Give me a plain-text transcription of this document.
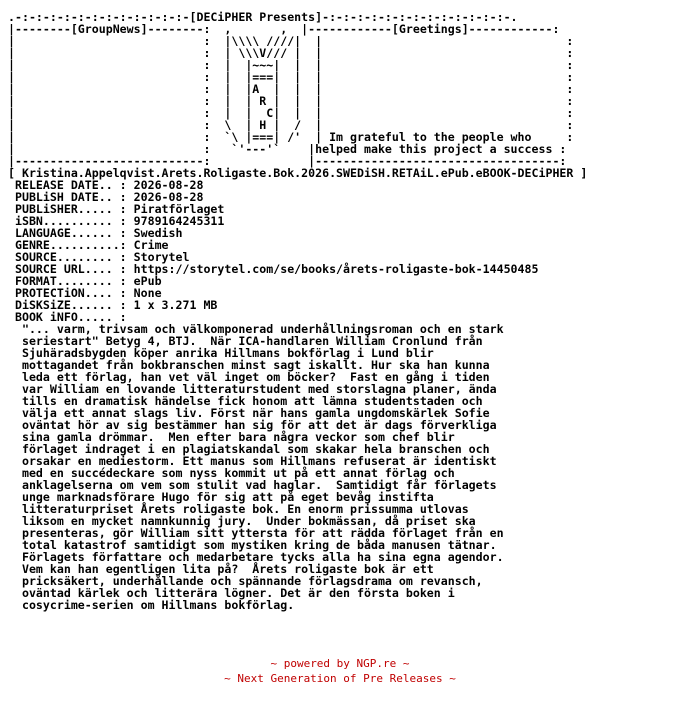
.-:-:-:-:-:-:-:-:-:-:-:-:-[DECiPHER Presents]-:-:-:-:-:-:-:-:-:-:-:-:-:-.
|--------[GroupNews]--------:  ,       ,  |------------[Greetings]------------:
|                           :  |\\\\ ////|  |                                   :
|                           :  | \\\V/// |  |                                   :
|                           :  |  |~~~|  |  |                                   :
|                           :  |  |===|  |  |                                   :
|                           :  |  |A  |  |  |                                   :
|                           :  |  | R |  |  |                                   :
|                           :  |  |  C|  |  |                                   :
|                           :  \  | H |  /  |                                   :
|                           :  `\ |===| /'  | Im grateful to the people who     :
|                           :   `'---'`    |helped make this project a success :
|---------------------------:              |-----------------------------------:
[ Kristina.Appelqvist.Arets.Roligaste.Bok.2026.SWEDiSH.RETAiL.ePub.eBOOK-DECiPHER ]
RELEASE DATE.. : 2026-08-28
PUBLiSH DATE.. : 2026-08-28
PUBLiSHER..... : Piratförlaget
iSBN.......... : 9789164245311
LANGUAGE...... : Swedish
GENRE..........: Crime
SOURCE........ : Storytel
SOURCE URL.... : https://storytel.com/se/books/årets-roligaste-bok-14450485
FORMAT........ : ePub
PROTECTiON.... : None
DiSKSiZE...... : 1 x 3.271 MB
BOOK iNFO..... :
"... varm, trivsam och välkomponerad underhållningsroman och en stark
seriestart" Betyg 4, BTJ.  När ICA-handlaren William Cronlund från
Sjuhäradsbygden köper anrika Hillmans bokförlag i Lund blir
mottagandet från bokbranschen minst sagt iskallt. Hur ska han kunna
leda ett förlag, han vet väl inget om böcker?  Fast en gång i tiden
var William en lovande litteraturstudent med storslagna planer, ända
tills en dramatisk händelse fick honom att lämna studentstaden och
välja ett annat slags liv. Först när hans gamla ungdomskärlek Sofie
oväntat hör av sig bestämmer han sig för att det är dags förverkliga
sina gamla drömmar.  Men efter bara några veckor som chef blir
förlaget indraget i en plagiatskandal som skakar hela branschen och
orsakar en mediestorm. Ett manus som Hillmans refuserat är identiskt
med en succédeckare som nyss kommit ut på ett annat förlag och
anklagelserna om vem som stulit vad haglar.  Samtidigt får förlagets
unge marknadsförare Hugo för sig att på eget bevåg instifta
litteraturpriset Årets roligaste bok. En enorm prissumma utlovas
liksom en mycket namnkunnig jury.  Under bokmässan, då priset ska
presenteras, gör William sitt yttersta för att rädda förlaget från en
total katastrof samtidigt som mystiken kring de båda manusen tätnar.
Förlagets författare och medarbetare tycks alla ha sina egna agendor.
Vem kan han egentligen lita på?  Årets roligaste bok är ett
pricksäkert, underhållande och spännande förlagsdrama om revansch,
oväntad kärlek och litterära lögner. Det är den första boken i
cosycrime-serien om Hillmans bokförlag.
~ powered by NGP.re ~
~ Next Generation of Pre Releases ~
